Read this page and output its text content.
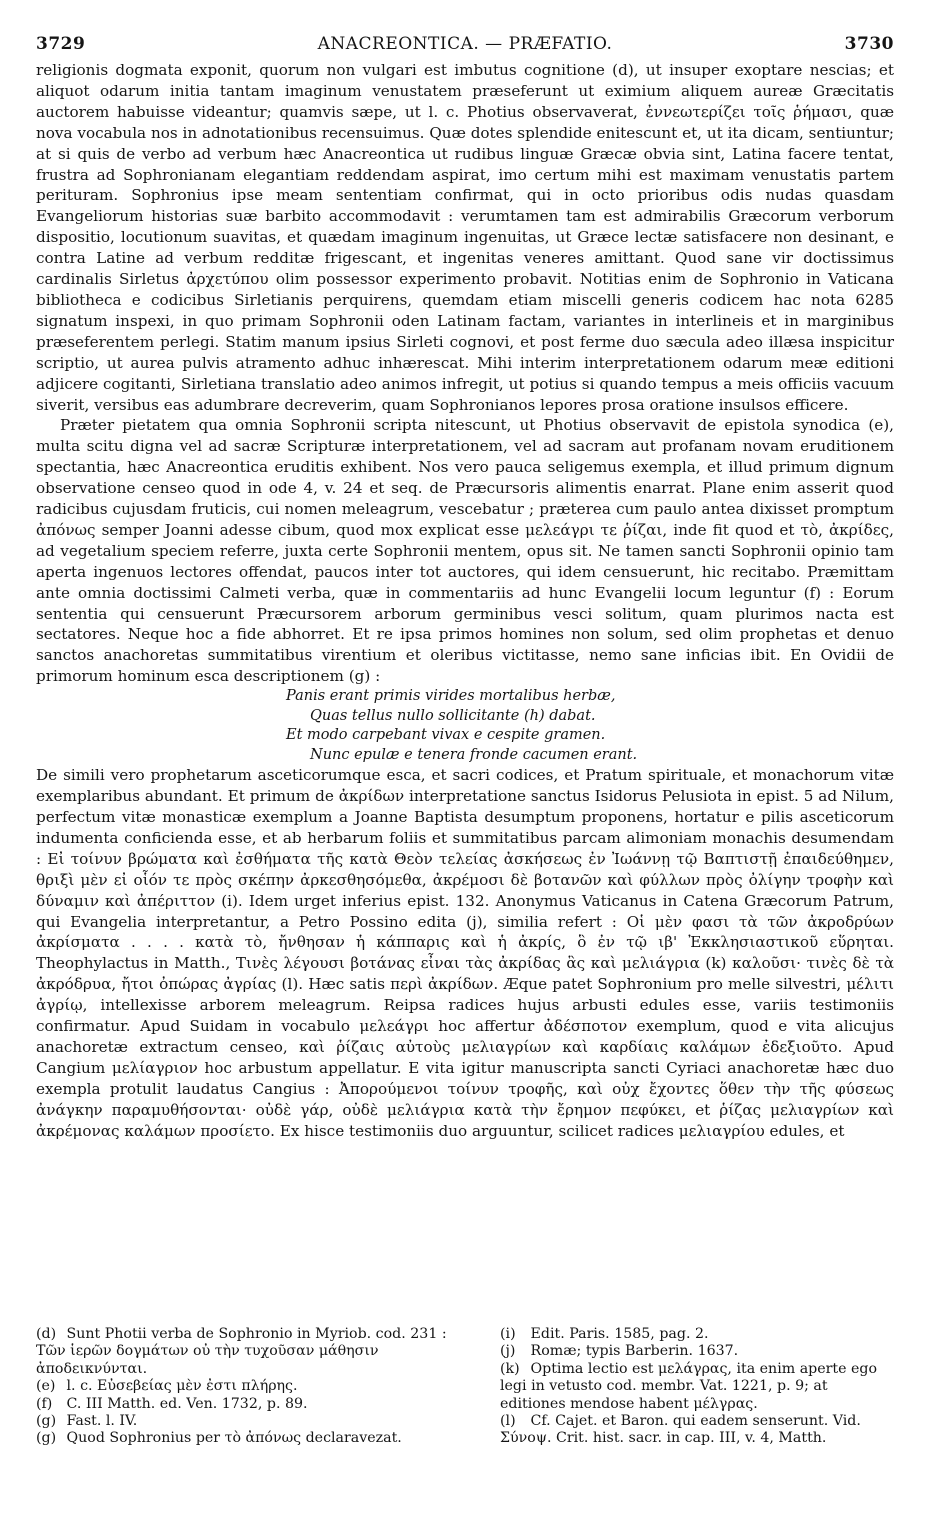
3729	ANACREONTICA. — PRÆFATIO.	3730

religionis dogmata exponit, quorum non vulgari est imbutus cognitione (d), ut insuper exoptare nescias; et aliquot odarum initia tantam imaginum venustatem præseferunt ut eximium aliquem aureæ Græcitatis auctorem habuisse videantur; quamvis sæpe, ut l. c. Photius observaverat, ἐννεωτερίζει τοῖς ῥήμασι, quæ nova vocabula nos in adnotationibus recensuimus. Quæ dotes splendide enitescunt et, ut ita dicam, sentiuntur; at si quis de verbo ad verbum hæc Anacreontica ut rudibus linguæ Græcæ obvia sint, Latina facere tentat, frustra ad Sophronianam elegantiam reddendam aspirat, imo certum mihi est maximam venustatis partem perituram. Sophronius ipse meam sententiam confirmat, qui in octo prioribus odis nudas quasdam Evangeliorum historias suæ barbito accommodavit : verumtamen tam est admirabilis Græcorum verborum dispositio, locutionum suavitas, et quædam imaginum ingenuitas, ut Græce lectæ satisfacere non desinant, e contra Latine ad verbum redditæ frigescant, et ingenitas veneres amittant. Quod sane vir doctissimus cardinalis Sirletus ἀρχετύπου olim possessor experimento probavit. Notitias enim de Sophronio in Vaticana bibliotheca e codicibus Sirletianis perquirens, quemdam etiam miscelli generis codicem hac nota 6285 signatum inspexi, in quo primam Sophronii oden Latinam factam, variantes in interlineis et in marginibus præseferentem perlegi. Statim manum ipsius Sirleti cognovi, et post ferme duo sæcula adeo illæsa inspicitur scriptio, ut aurea pulvis atramento adhuc inhærescat. Mihi interim interpretationem odarum meæ editioni adjicere cogitanti, Sirletiana translatio adeo animos infregit, ut potius si quando tempus a meis officiis vacuum siverit, versibus eas adumbrare decreverim, quam Sophronianos lepores prosa oratione insulsos efficere.

Præter pietatem qua omnia Sophronii scripta nitescunt, ut Photius observavit de epistola synodica (e), multa scitu digna vel ad sacræ Scripturæ interpretationem, vel ad sacram aut profanam novam eruditionem spectantia, hæc Anacreontica eruditis exhibent. Nos vero pauca seligemus exempla, et illud primum dignum observatione censeo quod in ode 4, v. 24 et seq. de Præcursoris alimentis enarrat. Plane enim asserit quod radicibus cujusdam fruticis, cui nomen meleagrum, vescebatur ; præterea cum paulo antea dixisset promptum ἀπόνως semper Joanni adesse cibum, quod mox explicat esse μελεάγρι τε ῥίζαι, inde fit quod et τὸ, ἀκρίδες, ad vegetalium speciem referre, juxta certe Sophronii mentem, opus sit. Ne tamen sancti Sophronii opinio tam aperta ingenuos lectores offendat, paucos inter tot auctores, qui idem censuerunt, hic recitabo. Præmittam ante omnia doctissimi Calmeti verba, quæ in commentariis ad hunc Evangelii locum leguntur (f) : Eorum sententia qui censuerunt Præcursorem arborum germinibus vesci solitum, quam plurimos nacta est sectatores. Neque hoc a fide abhorret. Et re ipsa primos homines non solum, sed olim prophetas et denuo sanctos anachoretas summitatibus virentium et oleribus victitasse, nemo sane inficias ibit. En Ovidii de primorum hominum esca descriptionem (g) :

Panis erant primis virides mortalibus herbæ,
Quas tellus nullo sollicitante (h) dabat.
Et modo carpebant vivax e cespite gramen.
Nunc epulæ e tenera fronde cacumen erant.

De simili vero prophetarum asceticorumque esca, et sacri codices, et Pratum spirituale, et monachorum vitæ exemplaribus abundant. Et primum de ἀκρίδων interpretatione sanctus Isidorus Pelusiota in epist. 5 ad Nilum, perfectum vitæ monasticæ exemplum a Joanne Baptista desumptum proponens, hortatur e pilis asceticorum indumenta conficienda esse, et ab herbarum foliis et summitatibus parcam alimoniam monachis desumendam : Εἰ τοίνυν βρώματα καὶ ἐσθήματα τῆς κατὰ Θεὸν τελείας ἀσκήσεως ἐν Ἰωάννῃ τῷ Βαπτιστῇ ἐπαιδεύθημεν, θριξὶ μὲν εἰ οἷόν τε πρὸς σκέπην ἀρκεσθησόμεθα, ἀκρέμοσι δὲ βοτανῶν καὶ φύλλων πρὸς ὀλίγην τροφὴν καὶ δύναμιν καὶ ἀπέριττον (i). Idem urget inferius epist. 132. Anonymus Vaticanus in Catena Græcorum Patrum, qui Evangelia interpretantur, a Petro Possino edita (j), similia refert : Οἱ μὲν φασι τὰ τῶν ἀκροδρύων ἀκρίσματα . . . . κατὰ τὸ, ἤνθησαν ἡ κάππαρις καὶ ἡ ἀκρίς, ὃ ἐν τῷ ιβ' Ἐκκλησιαστικοῦ εὕρηται. Theophylactus in Matth., Τινὲς λέγουσι βοτάνας εἶναι τὰς ἀκρίδας ἃς καὶ μελιάγρια (k) καλοῦσι· τινὲς δὲ τὰ ἀκρόδρυα, ἤτοι ὀπώρας ἀγρίας (l). Hæc satis περὶ ἀκρίδων. Æque patet Sophronium pro melle silvestri, μέλιτι ἀγρίῳ, intellexisse arborem meleagrum. Reipsa radices hujus arbusti edules esse, variis testimoniis confirmatur. Apud Suidam in vocabulo μελεάγρι hoc affertur ἀδέσποτον exemplum, quod e vita alicujus anachoretæ extractum censeo, καὶ ῥίζαις αὐτοὺς μελιαγρίων καὶ καρδίαις καλάμων ἐδεξιοῦτο. Apud Cangium μελίαγριον hoc arbustum appellatur. E vita igitur manuscripta sancti Cyriaci anachoretæ hæc duo exempla protulit laudatus Cangius : Ἀπορούμενοι τοίνυν τροφῆς, καὶ οὐχ ἔχοντες ὅθεν τὴν τῆς φύσεως ἀνάγκην παραμυθήσονται· οὐδὲ γάρ, οὐδὲ μελιάγρια κατὰ τὴν ἔρημον πεφύκει, et ῥίζας μελιαγρίων καὶ ἀκρέμονας καλάμων προσίετο. Ex hisce testimoniis duo arguuntur, scilicet radices μελιαγρίου edules, et

(d) Sunt Photii verba de Sophronio in Myriob. cod. 231 : Τῶν ἱερῶν δογμάτων οὐ τὴν τυχοῦσαν μάθησιν ἀποδεικνύνται.

(e) l. c. Εὐσεβείας μὲν ἐστι πλήρης.

(f) C. III Matth. ed. Ven. 1732, p. 89.

(g) Fast. l. IV.

(g) Quod Sophronius per τὸ ἀπόνως declaravezat.

(i) Edit. Paris. 1585, pag. 2.

(j) Romæ; typis Barberin. 1637.

(k) Optima lectio est μελάγρας, ita enim aperte ego legi in vetusto cod. membr. Vat. 1221, p. 9; at editiones mendose habent μέλγρας.

(l) Cf. Cajet. et Baron. qui eadem senserunt. Vid. Σύνοψ. Crit. hist. sacr. in cap. III, v. 4, Matth.
